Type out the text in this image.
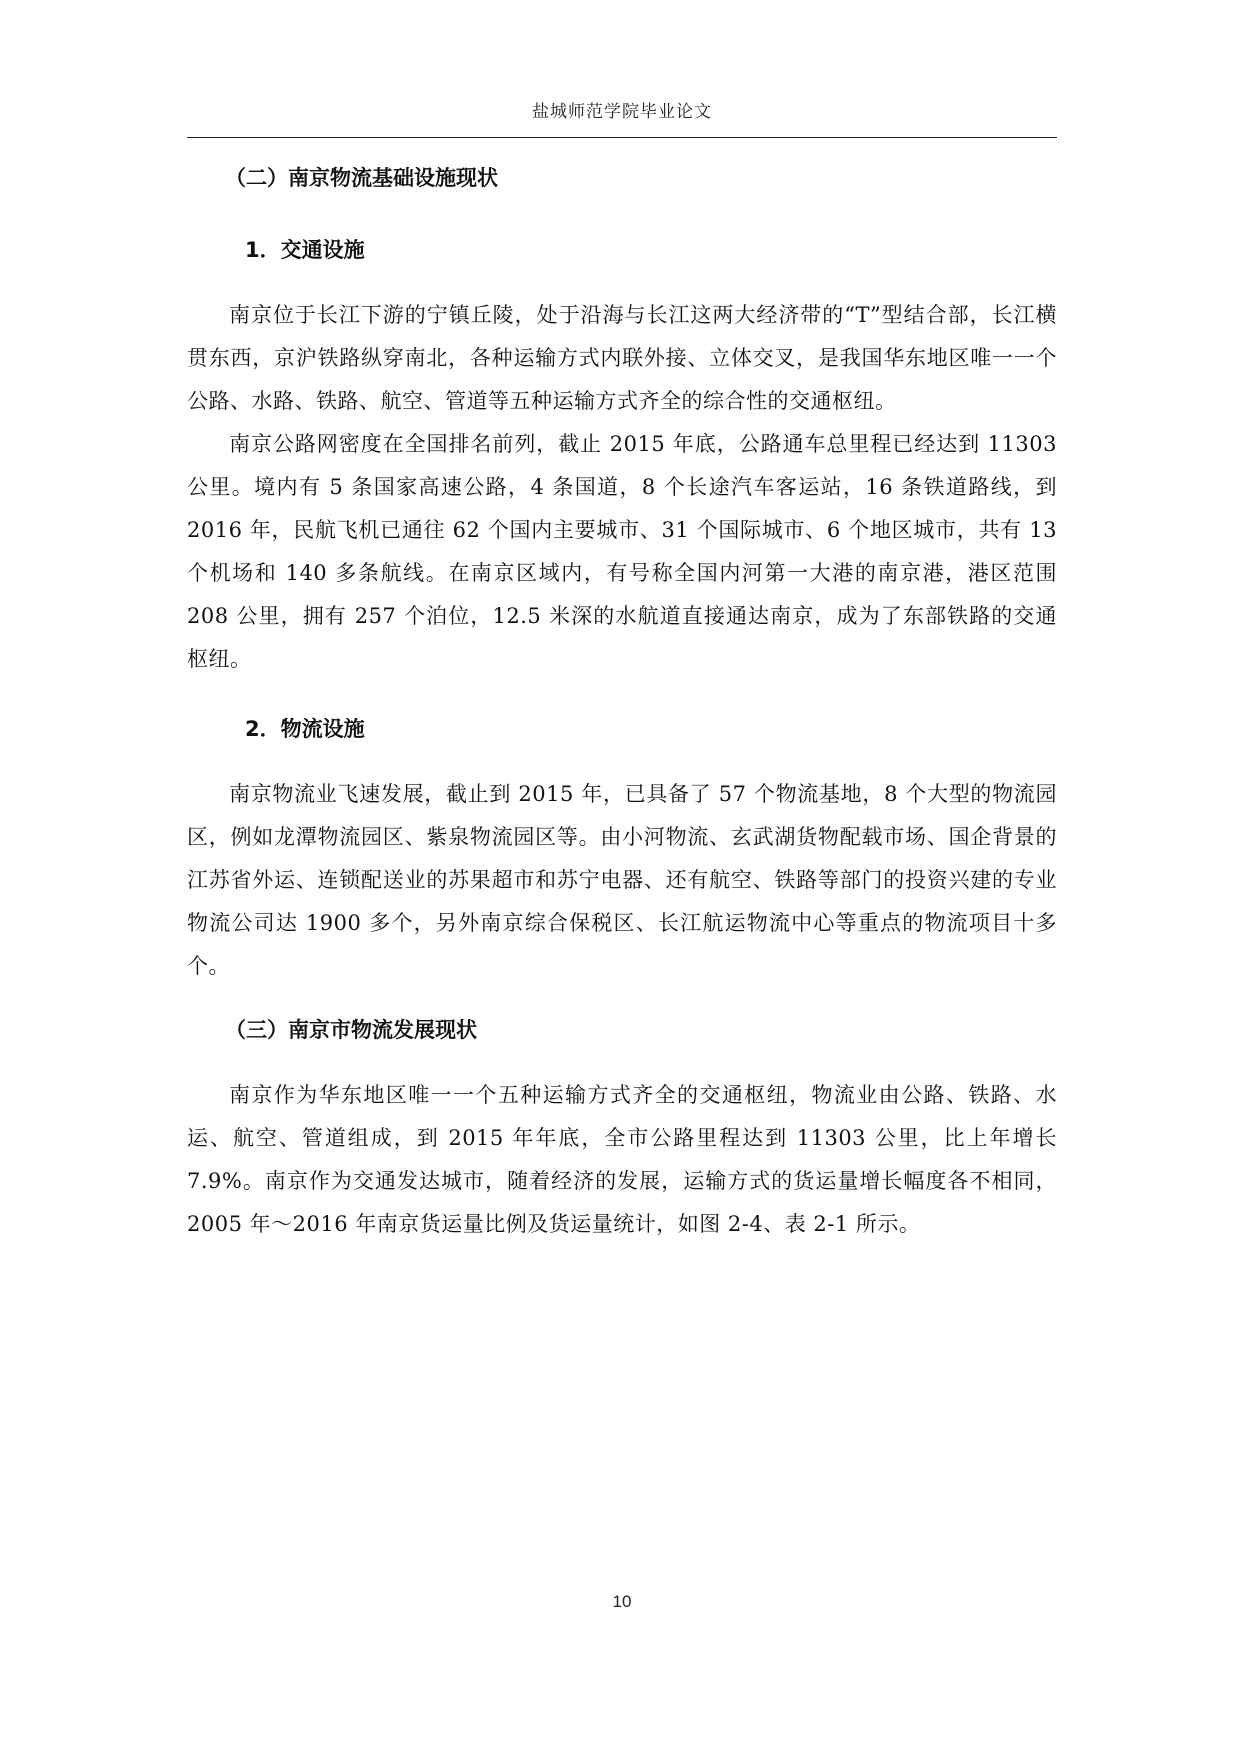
盐城师范学院毕业论文
（二）南京物流基础设施现状
1．交通设施

南京位于长江下游的宁镇丘陵，处于沿海与长江这两大经济带的“T”型结合部，长江横贯东西，京沪铁路纵穿南北，各种运输方式内联外接、立体交叉，是我国华东地区唯一一个公路、水路、铁路、航空、管道等五种运输方式齐全的综合性的交通枢纽。

南京公路网密度在全国排名前列，截止 2015 年底，公路通车总里程已经达到 11303 公里。境内有 5 条国家高速公路，4 条国道，8 个长途汽车客运站，16 条铁道路线，到 2016 年，民航飞机已通往 62 个国内主要城市、31 个国际城市、6 个地区城市，共有 13 个机场和 140 多条航线。在南京区域内，有号称全国内河第一大港的南京港，港区范围 208 公里，拥有 257 个泊位，12.5 米深的水航道直接通达南京，成为了东部铁路的交通枢纽。

2．物流设施

南京物流业飞速发展，截止到 2015 年，已具备了 57 个物流基地，8 个大型的物流园区，例如龙潭物流园区、紫泉物流园区等。由小河物流、玄武湖货物配载市场、国企背景的江苏省外运、连锁配送业的苏果超市和苏宁电器、还有航空、铁路等部门的投资兴建的专业物流公司达 1900 多个，另外南京综合保税区、长江航运物流中心等重点的物流项目十多个。

（三）南京市物流发展现状

南京作为华东地区唯一一个五种运输方式齐全的交通枢纽，物流业由公路、铁路、水运、航空、管道组成，到 2015 年年底，全市公路里程达到 11303 公里，比上年增长 7.9%。南京作为交通发达城市，随着经济的发展，运输方式的货运量增长幅度各不相同，2005 年～2016 年南京货运量比例及货运量统计，如图 2-4、表 2-1 所示。

10
